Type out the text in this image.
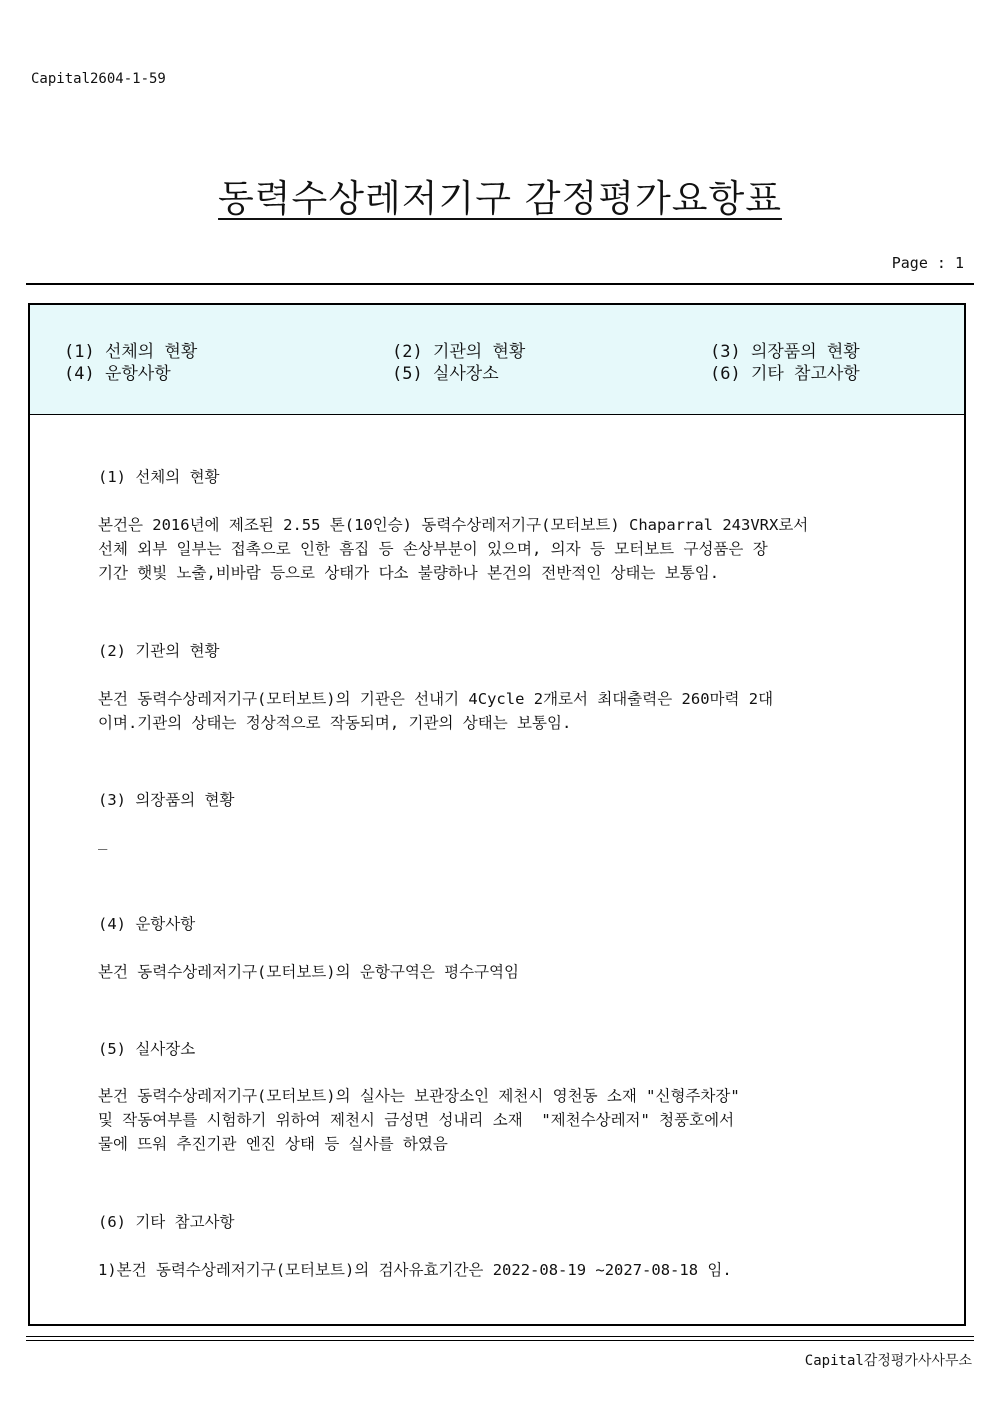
Capital2604-1-59
동력수상레저기구 감정평가요항표
Page : 1
(1) 선체의 현황	(2) 기관의 현황	(3) 의장품의 현황
(4) 운항사항	(5) 실사장소	(6) 기타 참고사항
(1) 선체의 현황
본건은 2016년에 제조된 2.55 톤(10인승) 동력수상레저기구(모터보트) Chaparral 243VRX로서
선체 외부 일부는 접촉으로 인한 흠집 등 손상부분이 있으며, 의자 등 모터보트 구성품은 장
기간 햇빛 노출,비바람 등으로 상태가 다소 불량하나 본건의 전반적인 상태는 보통임.
(2) 기관의 현황
본건 동력수상레저기구(모터보트)의 기관은 선내기 4Cycle 2개로서 최대출력은 260마력 2대
이며.기관의 상태는 정상적으로 작동되며, 기관의 상태는 보통임.
(3) 의장품의 현황
_
(4) 운항사항
본건 동력수상레저기구(모터보트)의 운항구역은 평수구역임
(5) 실사장소
본건 동력수상레저기구(모터보트)의 실사는 보관장소인 제천시 영천동 소재 "신형주차장"
및 작동여부를 시험하기 위하여 제천시 금성면 성내리 소재  "제천수상레저" 청풍호에서
물에 뜨워 추진기관 엔진 상태 등 실사를 하였음
(6) 기타 참고사항
1)본건 동력수상레저기구(모터보트)의 검사유효기간은 2022-08-19 ~2027-08-18 임.
Capital감정평가사사무소
